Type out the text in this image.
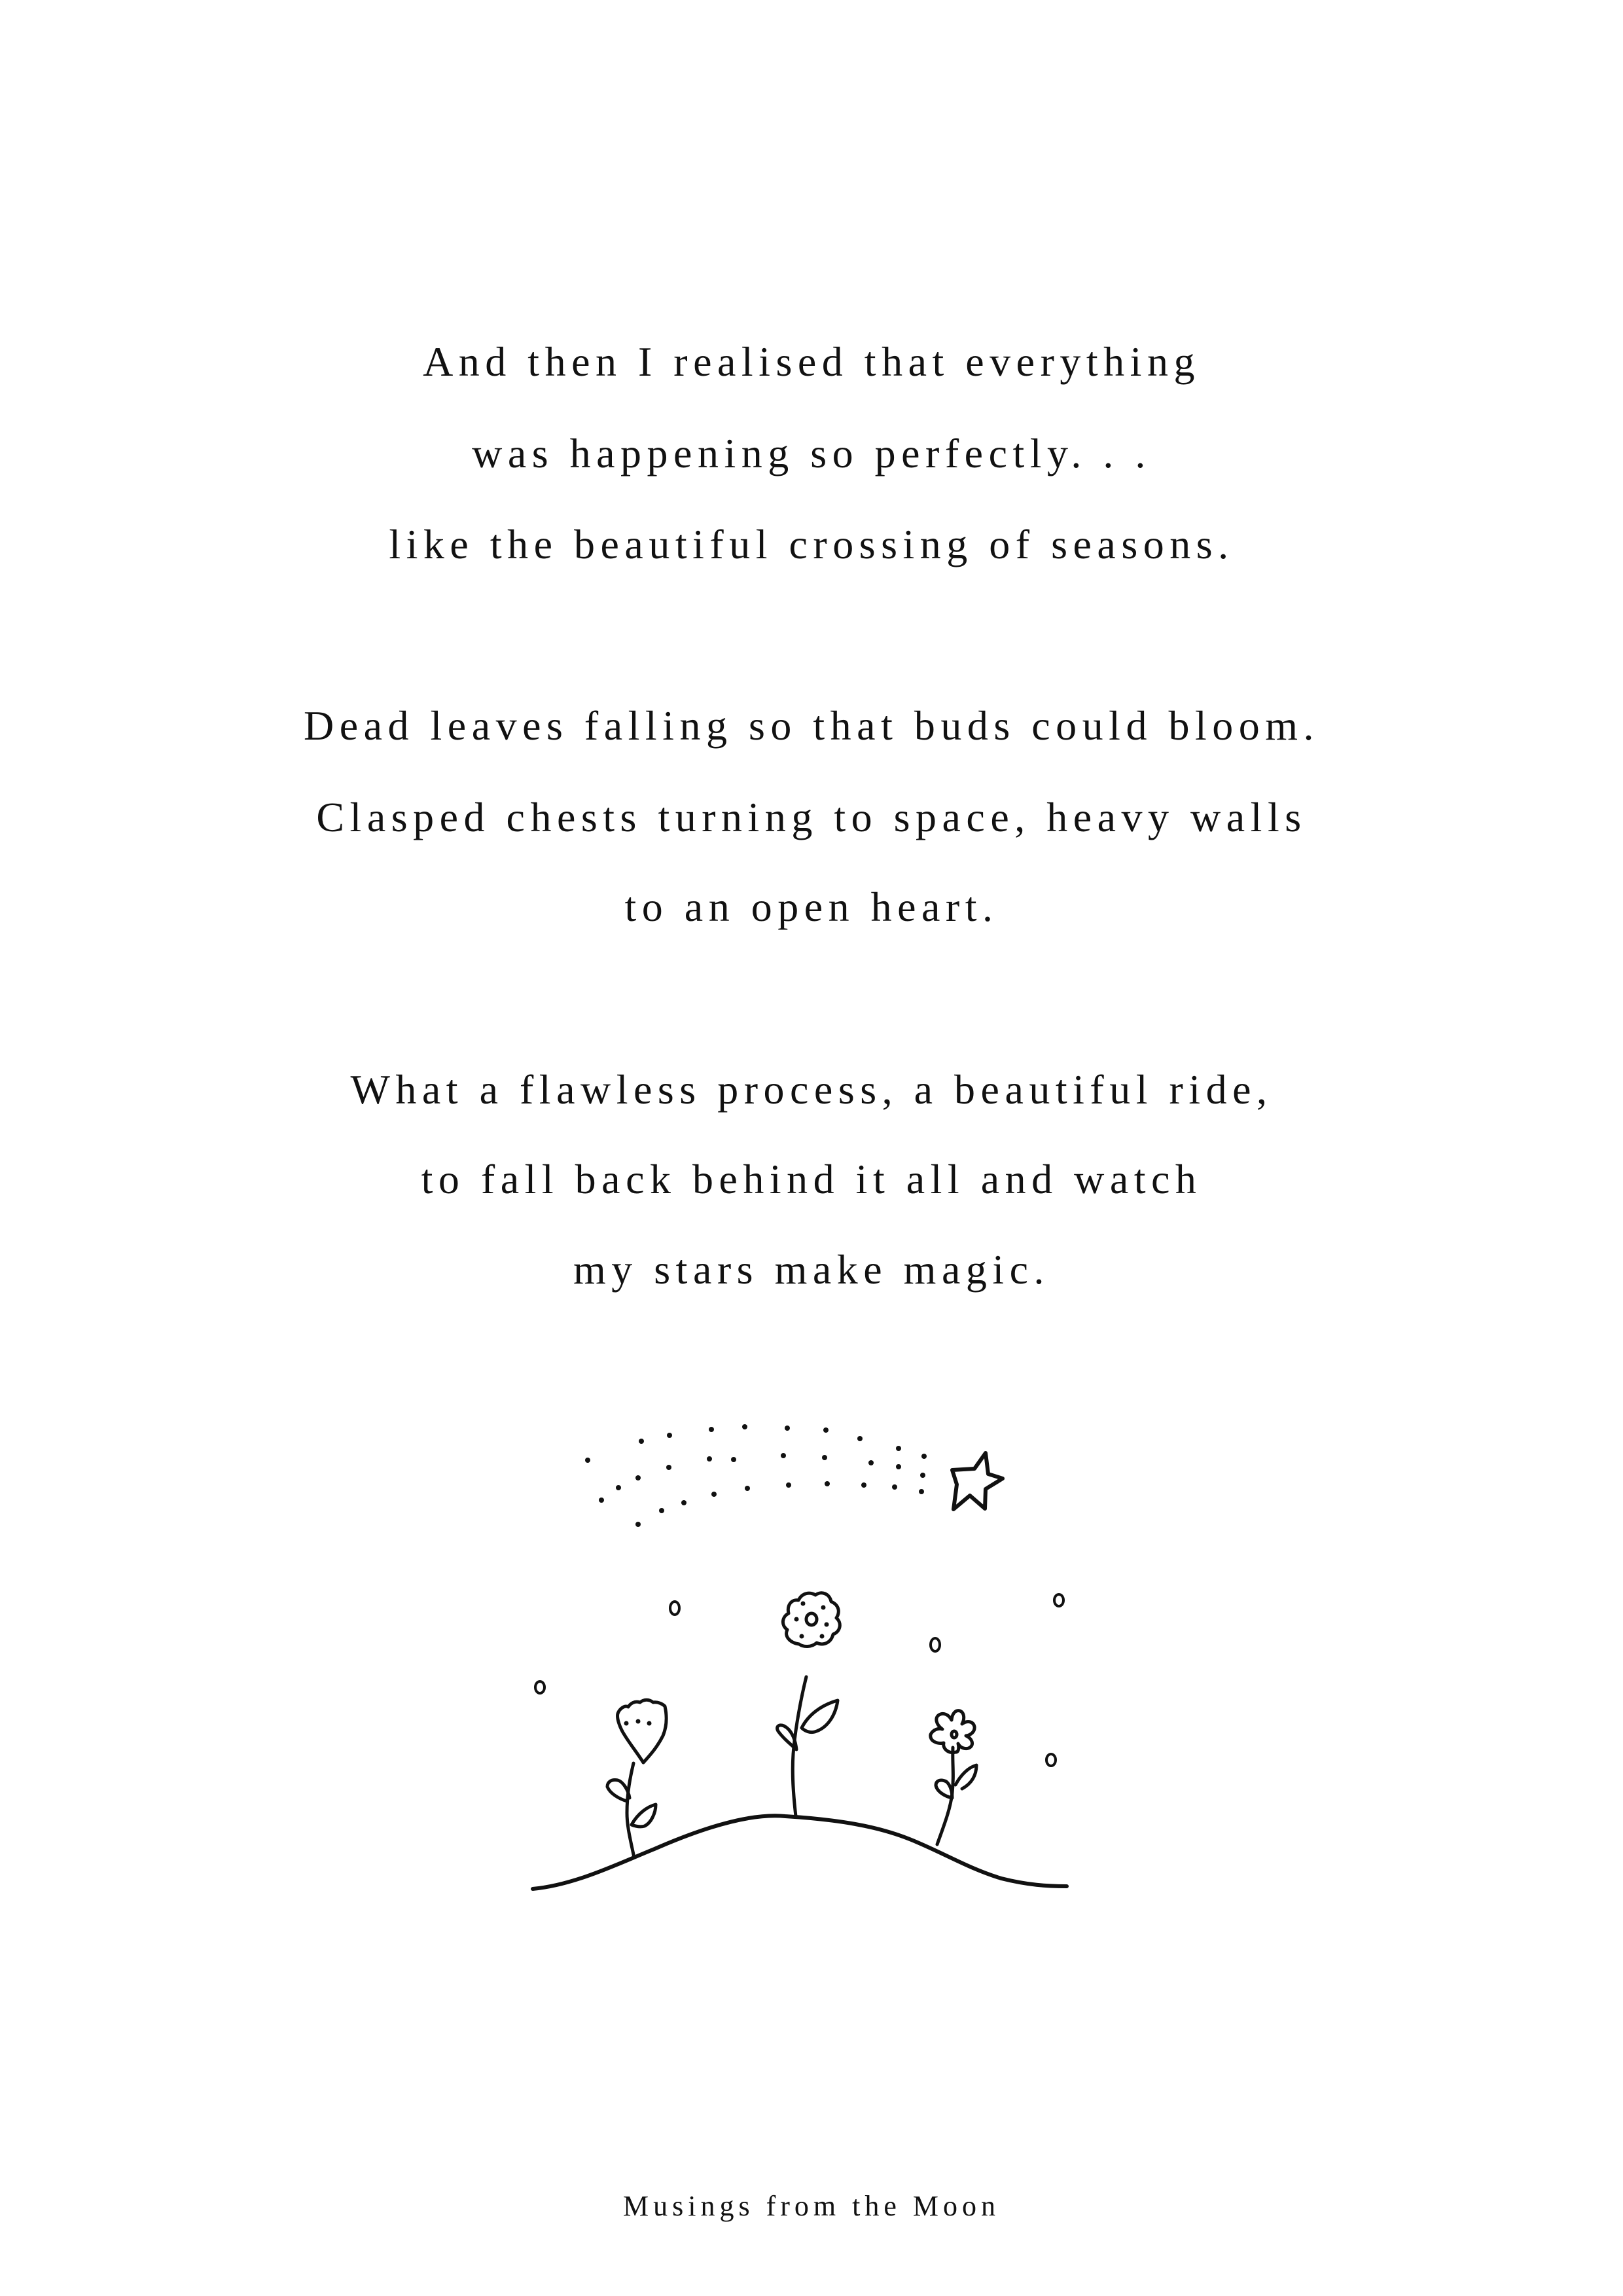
And then I realised that everything
was happening so perfectly. . .
like the beautiful crossing of seasons.
Dead leaves falling so that buds could bloom.
Clasped chests turning to space, heavy walls
to an open heart.
What a flawless process, a beautiful ride,
to fall back behind it all and watch
my stars make magic.
Musings from the Moon
